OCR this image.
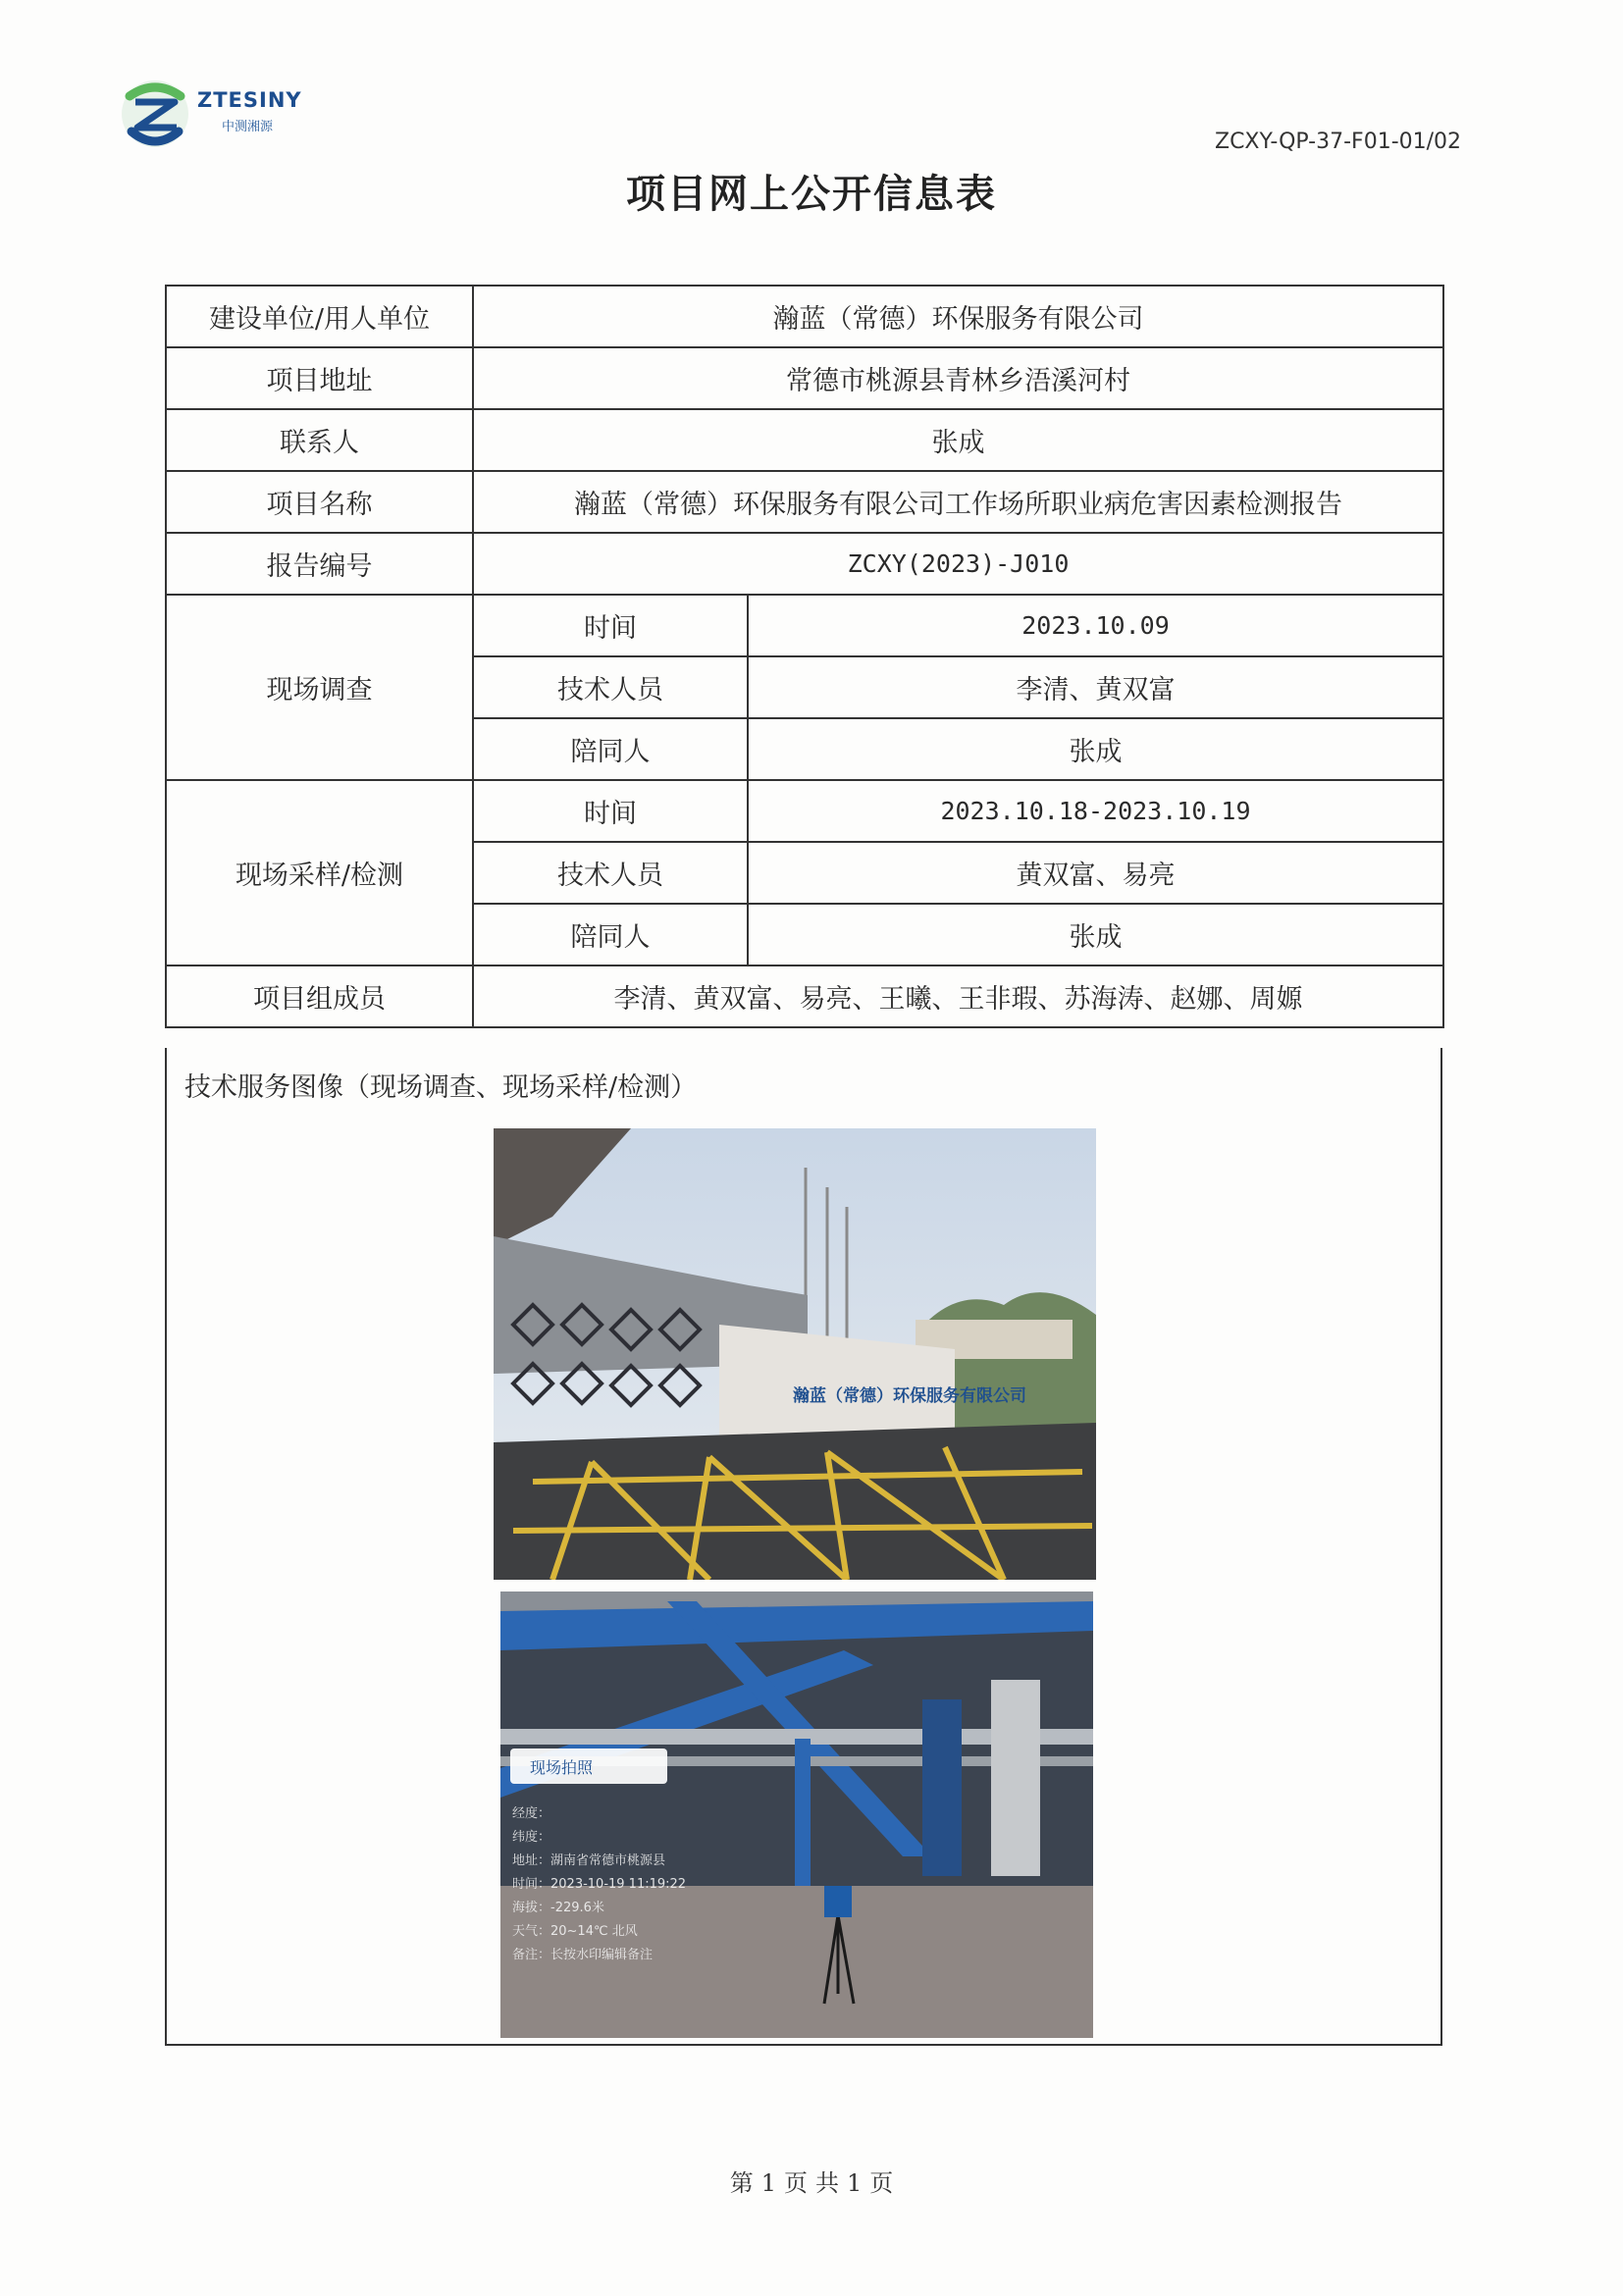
ZTESINY
中测湘源
ZCXY-QP-37-F01-01/02
项目网上公开信息表
建设单位/用人单位	瀚蓝（常德）环保服务有限公司	
项目地址	常德市桃源县青林乡浯溪河村	
联系人	张成	
项目名称	瀚蓝（常德）环保服务有限公司工作场所职业病危害因素检测报告	
报告编号	ZCXY(2023)-J010	
现场调查	时间	2023.10.09
	技术人员	李清、黄双富
	陪同人	张成
现场采样/检测	时间	2023.10.18-2023.10.19
	技术人员	黄双富、易亮
	陪同人	张成
项目组成员	李清、黄双富、易亮、王曦、王非瑕、苏海涛、赵娜、周嫄	
技术服务图像（现场调查、现场采样/检测）
瀚蓝（常德）环保服务有限公司
现场拍照
经度：
纬度：
地址：湖南省常德市桃源县
时间：2023-10-19 11:19:22
海拔：-229.6米
天气：20~14℃ 北风
备注：长按水印编辑备注
第 1 页 共 1 页
